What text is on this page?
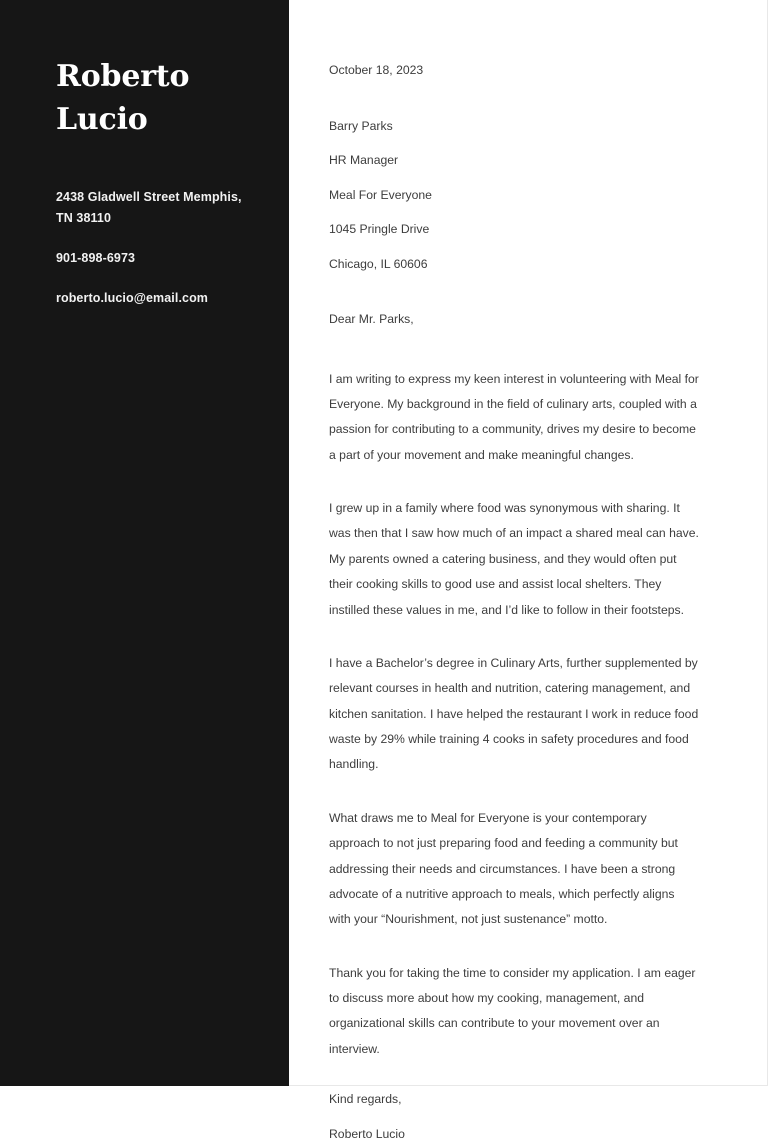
Roberto
Lucio
2438 Gladwell Street Memphis, TN 38110
901-898-6973
roberto.lucio@email.com
October 18, 2023
Barry Parks
HR Manager
Meal For Everyone
1045 Pringle Drive
Chicago, IL 60606
Dear Mr. Parks,

I am writing to express my keen interest in volunteering with Meal for Everyone. My background in the field of culinary arts, coupled with a passion for contributing to a community, drives my desire to become a part of your movement and make meaningful changes.

I grew up in a family where food was synonymous with sharing. It was then that I saw how much of an impact a shared meal can have. My parents owned a catering business, and they would often put their cooking skills to good use and assist local shelters. They instilled these values in me, and I’d like to follow in their footsteps.

I have a Bachelor’s degree in Culinary Arts, further supplemented by relevant courses in health and nutrition, catering management, and kitchen sanitation. I have helped the restaurant I work in reduce food waste by 29% while training 4 cooks in safety procedures and food handling.

What draws me to Meal for Everyone is your contemporary approach to not just preparing food and feeding a community but addressing their needs and circumstances. I have been a strong advocate of a nutritive approach to meals, which perfectly aligns with your “Nourishment, not just sustenance” motto.

Thank you for taking the time to consider my application. I am eager to discuss more about how my cooking, management, and organizational skills can contribute to your movement over an interview.

Kind regards,
Roberto Lucio
